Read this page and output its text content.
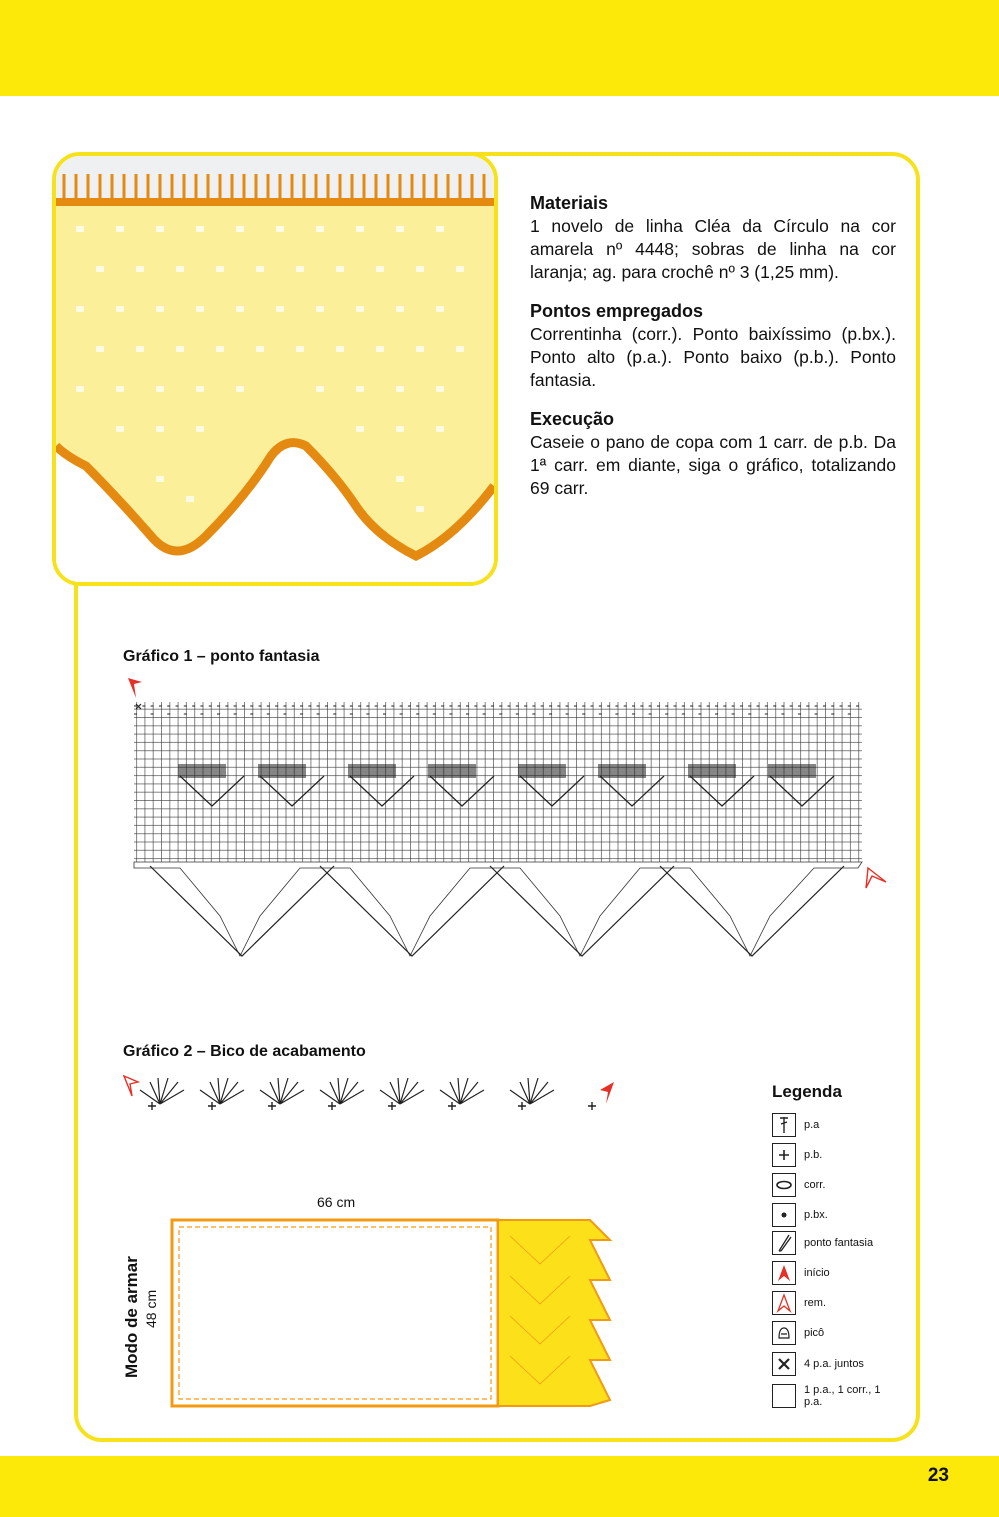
Materiais

1 novelo de linha Cléa da Círculo na cor amarela nº 4448; sobras de linha na cor laranja; ag. para crochê nº 3 (1,25 mm).

Pontos empregados

Correntinha (corr.). Ponto baixíssimo (p.bx.). Ponto alto (p.a.). Ponto baixo (p.b.). Ponto fantasia.

Execução

Caseie o pano de copa com 1 carr. de p.b. Da 1ª carr. em diante, siga o gráfico, totalizando 69 carr.

Gráfico 1 – ponto fantasia
Gráfico 2 – Bico de acabamento
Modo de armar 48 cm
66 cm
Legenda
p.a
p.b.
corr.
p.bx.
ponto fantasia
início
rem.
picô
4 p.a. juntos
1 p.a., 1 corr., 1 p.a.
23
